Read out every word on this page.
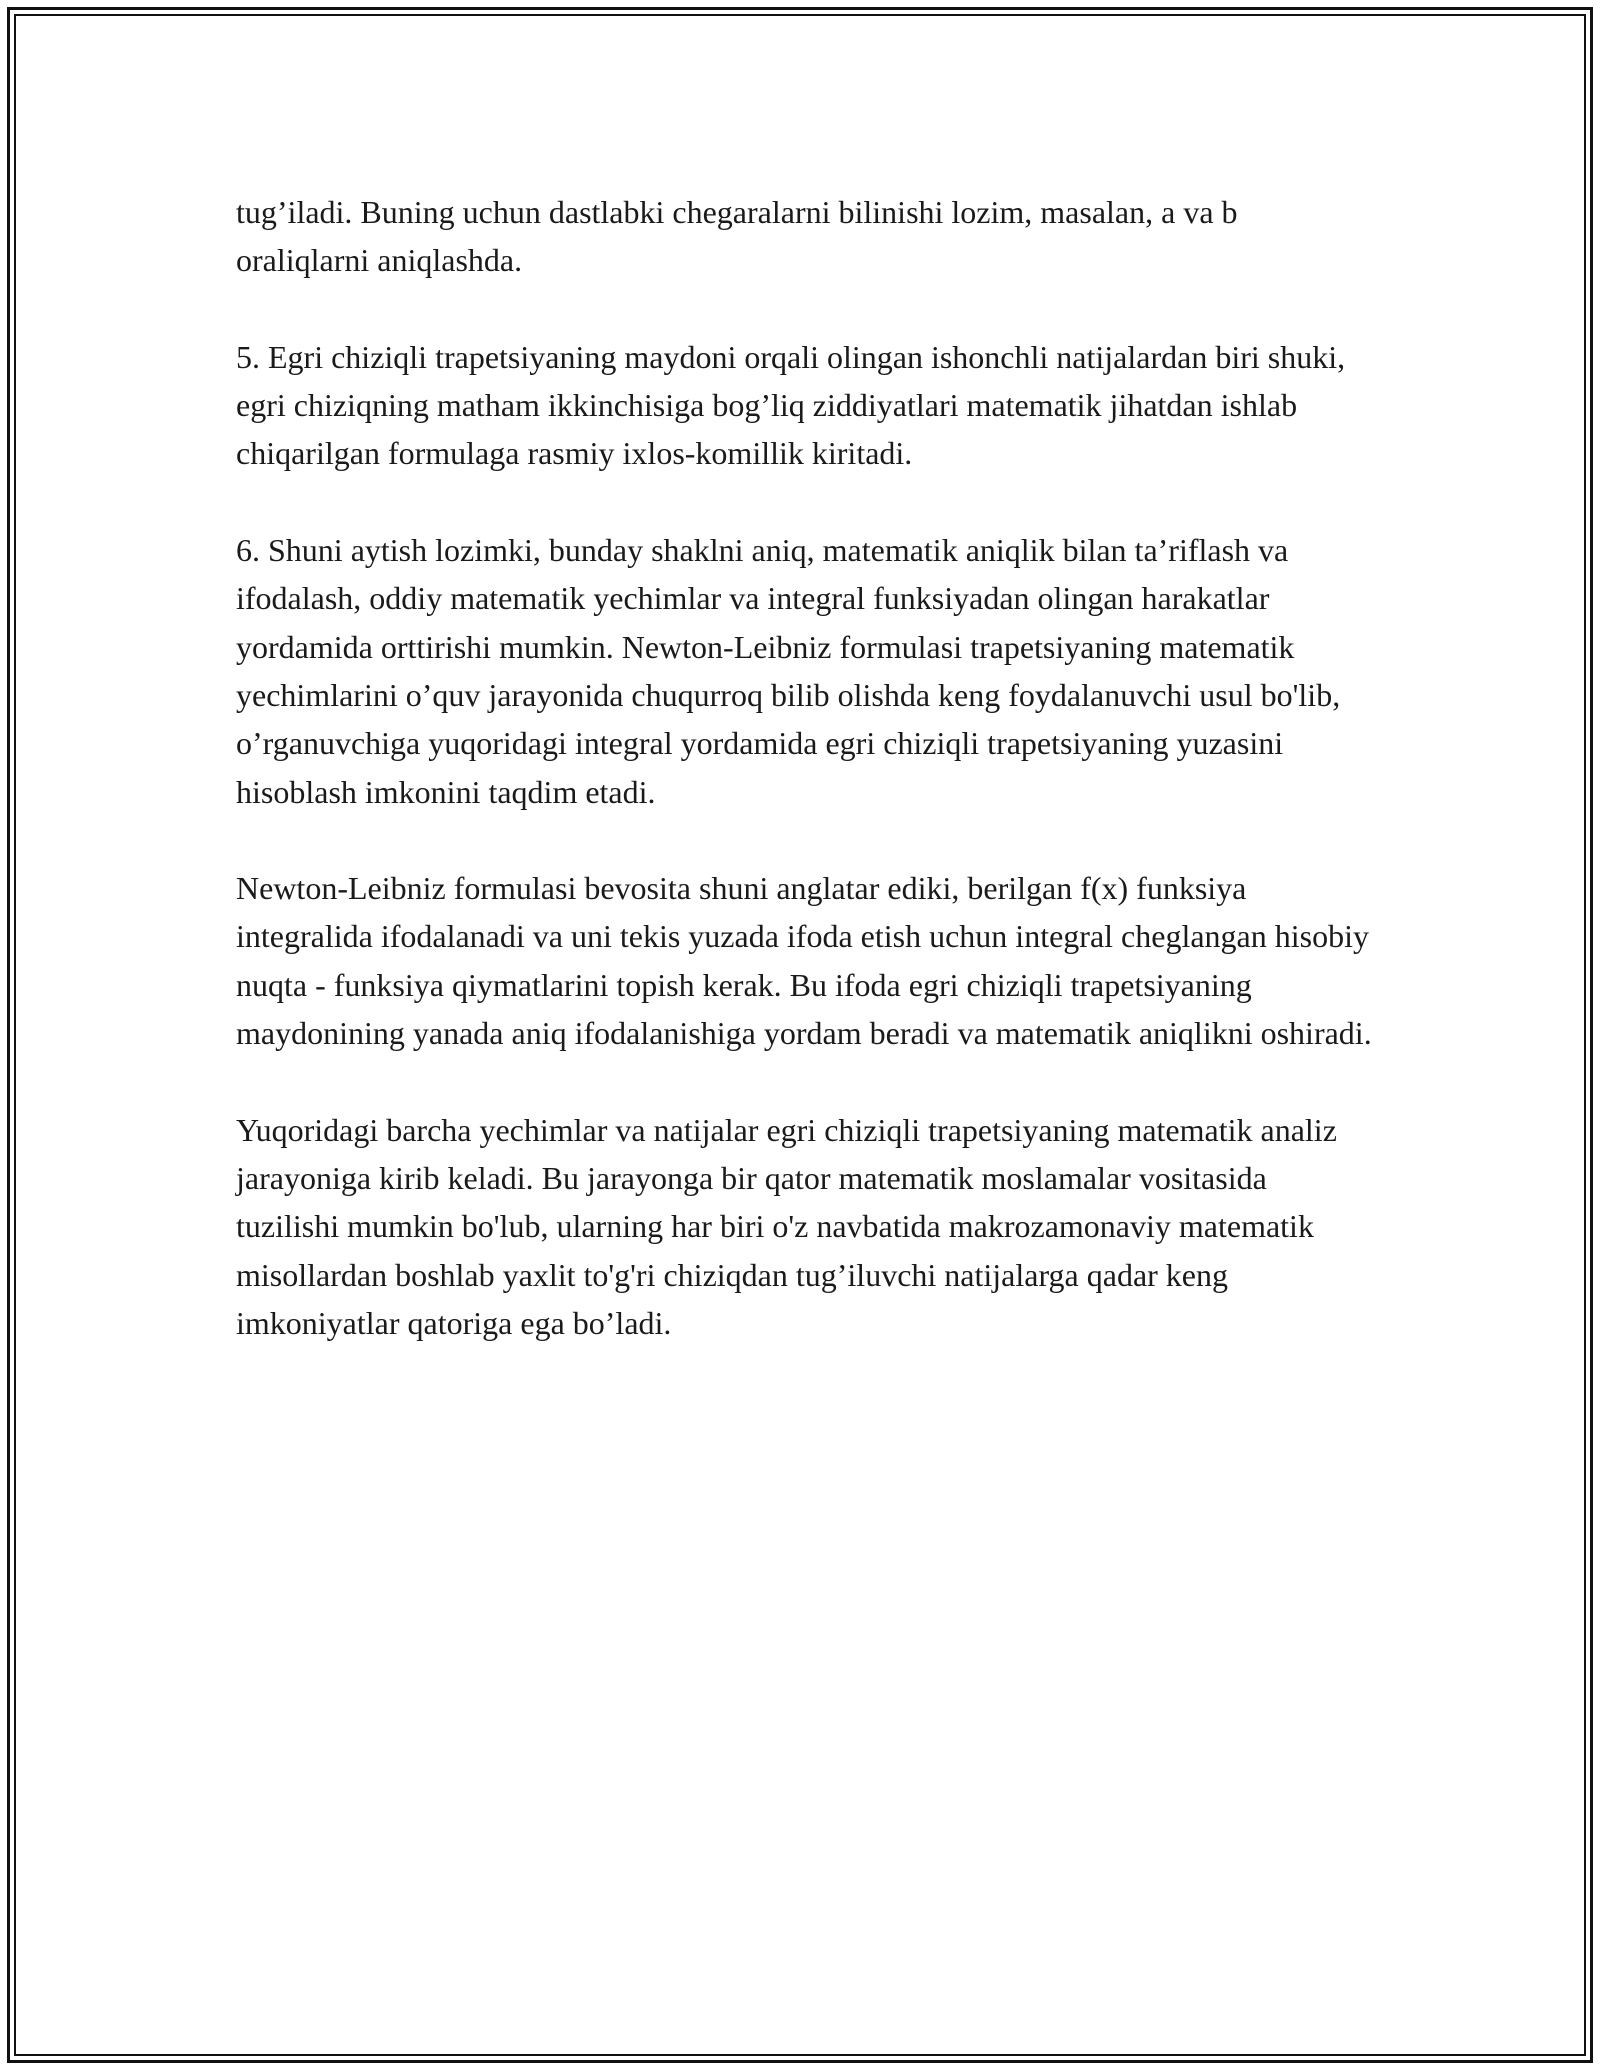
tug’iladi. Buning uchun dastlabki chegaralarni bilinishi lozim, masalan, a va b oraliqlarni aniqlashda.

5. Egri chiziqli trapetsiyaning maydoni orqali olingan ishonchli natijalardan biri shuki, egri chiziqning matham ikkinchisiga bog’liq ziddiyatlari matematik jihatdan ishlab chiqarilgan formulaga rasmiy ixlos-komillik kiritadi.

6. Shuni aytish lozimki, bunday shaklni aniq, matematik aniqlik bilan ta’riflash va ifodalash, oddiy matematik yechimlar va integral funksiyadan olingan harakatlar yordamida orttirishi mumkin. Newton-Leibniz formulasi trapetsiyaning matematik yechimlarini o’quv jarayonida chuqurroq bilib olishda keng foydalanuvchi usul bo'lib, o’rganuvchiga yuqoridagi integral yordamida egri chiziqli trapetsiyaning yuzasini hisoblash imkonini taqdim etadi.

Newton-Leibniz formulasi bevosita shuni anglatar ediki, berilgan f(x) funksiya integralida ifodalanadi va uni tekis yuzada ifoda etish uchun integral cheglangan hisobiy nuqta - funksiya qiymatlarini topish kerak. Bu ifoda egri chiziqli trapetsiyaning maydonining yanada aniq ifodalanishiga yordam beradi va matematik aniqlikni oshiradi.

Yuqoridagi barcha yechimlar va natijalar egri chiziqli trapetsiyaning matematik analiz jarayoniga kirib keladi. Bu jarayonga bir qator matematik moslamalar vositasida tuzilishi mumkin bo'lub, ularning har biri o'z navbatida makrozamonaviy matematik misollardan boshlab yaxlit to'g'ri chiziqdan tug’iluvchi natijalarga qadar keng imkoniyatlar qatoriga ega bo’ladi.
